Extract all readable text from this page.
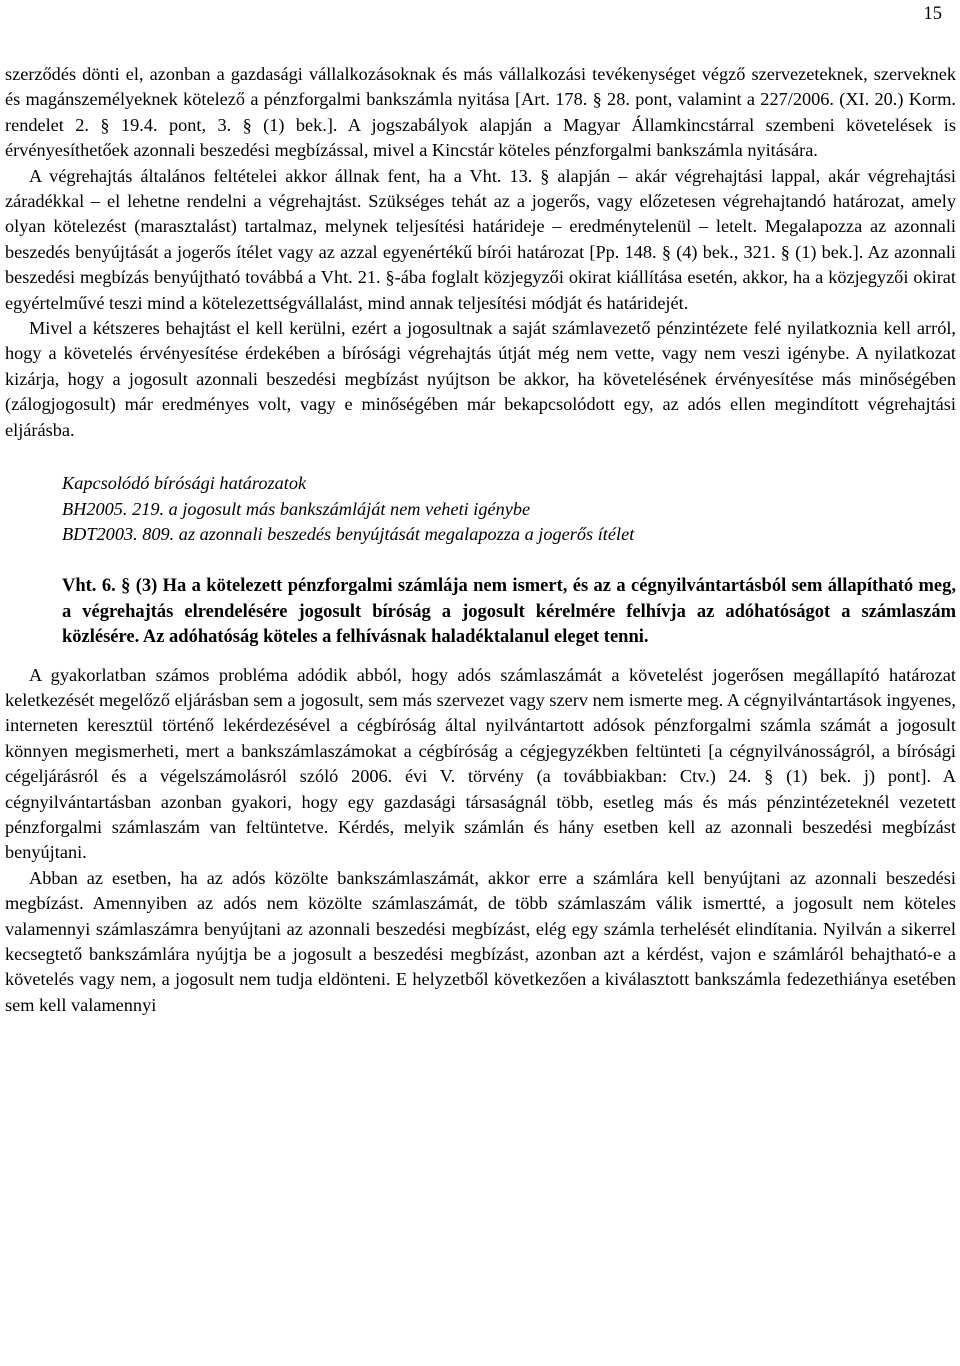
15

szerződés dönti el, azonban a gazdasági vállalkozásoknak és más vállalkozási tevékenységet végző szervezeteknek, szerveknek és magánszemélyeknek kötelező a pénzforgalmi bankszámla nyitása [Art. 178. § 28. pont, valamint a 227/2006. (XI. 20.) Korm. rendelet 2. § 19.4. pont, 3. § (1) bek.]. A jogszabályok alapján a Magyar Államkincstárral szembeni követelések is érvényesíthetőek azonnali beszedési megbízással, mivel a Kincstár köteles pénzforgalmi bankszámla nyitására.

A végrehajtás általános feltételei akkor állnak fent, ha a Vht. 13. § alapján – akár végrehajtási lappal, akár végrehajtási záradékkal – el lehetne rendelni a végrehajtást. Szükséges tehát az a jogerős, vagy előzetesen végrehajtandó határozat, amely olyan kötelezést (marasztalást) tartalmaz, melynek teljesítési határideje – eredménytelenül – letelt. Megalapozza az azonnali beszedés benyújtását a jogerős ítélet vagy az azzal egyenértékű bírói határozat [Pp. 148. § (4) bek., 321. § (1) bek.]. Az azonnali beszedési megbízás benyújtható továbbá a Vht. 21. §-ába foglalt közjegyzői okirat kiállítása esetén, akkor, ha a közjegyzői okirat egyértelművé teszi mind a kötelezettségvállalást, mind annak teljesítési módját és határidejét.

Mivel a kétszeres behajtást el kell kerülni, ezért a jogosultnak a saját számlavezető pénzintézete felé nyilatkoznia kell arról, hogy a követelés érvényesítése érdekében a bírósági végrehajtás útját még nem vette, vagy nem veszi igénybe. A nyilatkozat kizárja, hogy a jogosult azonnali beszedési megbízást nyújtson be akkor, ha követelésének érvényesítése más minőségében (zálogjogosult) már eredményes volt, vagy e minőségében már bekapcsolódott egy, az adós ellen megindított végrehajtási eljárásba.

Kapcsolódó bírósági határozatok

BH2005. 219. a jogosult más bankszámláját nem veheti igénybe

BDT2003. 809. az azonnali beszedés benyújtását megalapozza a jogerős ítélet

Vht. 6. § (3) Ha a kötelezett pénzforgalmi számlája nem ismert, és az a cégnyilvántartásból sem állapítható meg, a végrehajtás elrendelésére jogosult bíróság a jogosult kérelmére felhívja az adóhatóságot a számlaszám közlésére. Az adóhatóság köteles a felhívásnak haladéktalanul eleget tenni.

A gyakorlatban számos probléma adódik abból, hogy adós számlaszámát a követelést jogerősen megállapító határozat keletkezését megelőző eljárásban sem a jogosult, sem más szervezet vagy szerv nem ismerte meg. A cégnyilvántartások ingyenes, interneten keresztül történő lekérdezésével a cégbíróság által nyilvántartott adósok pénzforgalmi számla számát a jogosult könnyen megismerheti, mert a bankszámlaszámokat a cégbíróság a cégjegyzékben feltünteti [a cégnyilvánosságról, a bírósági cégeljárásról és a végelszámolásról szóló 2006. évi V. törvény (a továbbiakban: Ctv.) 24. § (1) bek. j) pont]. A cégnyilvántartásban azonban gyakori, hogy egy gazdasági társaságnál több, esetleg más és más pénzintézeteknél vezetett pénzforgalmi számlaszám van feltüntetve. Kérdés, melyik számlán és hány esetben kell az azonnali beszedési megbízást benyújtani.

Abban az esetben, ha az adós közölte bankszámlaszámát, akkor erre a számlára kell benyújtani az azonnali beszedési megbízást. Amennyiben az adós nem közölte számlaszámát, de több számlaszám válik ismertté, a jogosult nem köteles valamennyi számlaszámra benyújtani az azonnali beszedési megbízást, elég egy számla terhelését elindítania. Nyilván a sikerrel kecsegtető bankszámlára nyújtja be a jogosult a beszedési megbízást, azonban azt a kérdést, vajon e számláról behajtható-e a követelés vagy nem, a jogosult nem tudja eldönteni. E helyzetből következően a kiválasztott bankszámla fedezethiánya esetében sem kell valamennyi
